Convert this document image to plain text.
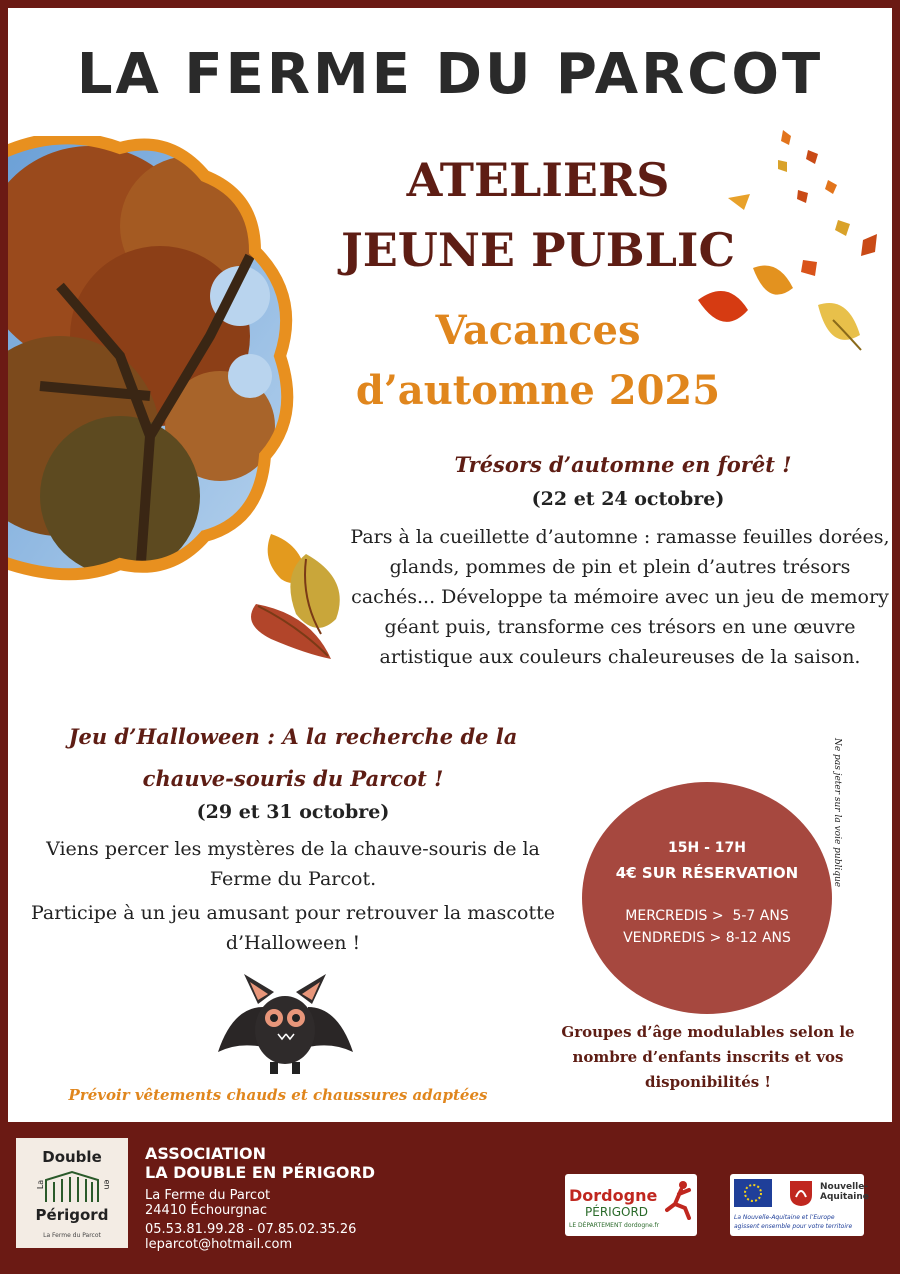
LA FERME DU PARCOT
ATELIERS
JEUNE PUBLIC
Vacances
d’automne 2025
Trésors d’automne en forêt !
(22 et 24 octobre)
Pars à la cueillette d’automne : ramasse feuilles dorées, glands, pommes de pin et plein d’autres trésors cachés... Développe ta mémoire avec un jeu de memory géant puis, transforme ces trésors en une œuvre artistique aux couleurs chaleureuses de la saison.
Jeu d’Halloween : A la recherche de la
chauve-souris du Parcot !
(29 et 31 octobre)
Viens percer les mystères de la chauve-souris de la Ferme du Parcot.
Participe à un jeu amusant pour retrouver la mascotte d’Halloween !
15H - 17H
4€ SUR RÉSERVATION
MERCREDIS >  5-7 ANS
VENDREDIS > 8-12 ANS
Groupes d’âge modulables selon le nombre d’enfants inscrits et vos disponibilités !
Prévoir vêtements chauds et chaussures adaptées
Ne pas jeter sur la voie publique
Double
La	en
Périgord
La Ferme du Parcot
ASSOCIATION
LA DOUBLE EN PÉRIGORD
La Ferme du Parcot
24410 Échourgnac
05.53.81.99.28 - 07.85.02.35.26
leparcot@hotmail.com
Dordogne
PÉRIGORD
LE DÉPARTEMENT dordogne.fr
Nouvelle-Aquitaine
La Nouvelle-Aquitaine et l’Europe
agissent ensemble pour votre territoire
